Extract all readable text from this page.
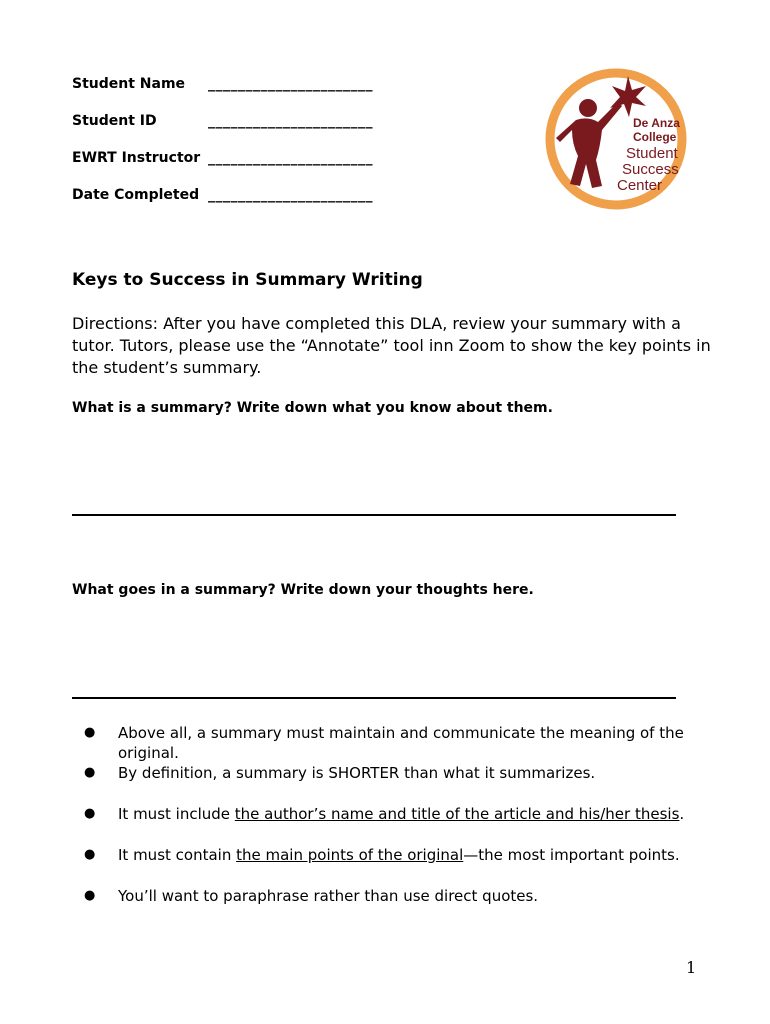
Student Name	______________________
Student ID	______________________
EWRT Instructor ______________________
Date Completed ______________________
De Anza
College
Student
Success
Center
Keys to Success in Summary Writing

Directions: After you have completed this DLA, review your summary with a tutor. Tutors, please use the “Annotate” tool inn Zoom to show the key points in the student’s summary.

What is a summary? Write down what you know about them.

What goes in a summary? Write down your thoughts here.

● Above all, a summary must maintain and communicate the meaning of the original.
● By definition, a summary is SHORTER than what it summarizes.
● It must include the author’s name and title of the article and his/her thesis.
● It must contain the main points of the original—the most important points.
● You’ll want to paraphrase rather than use direct quotes.
1
